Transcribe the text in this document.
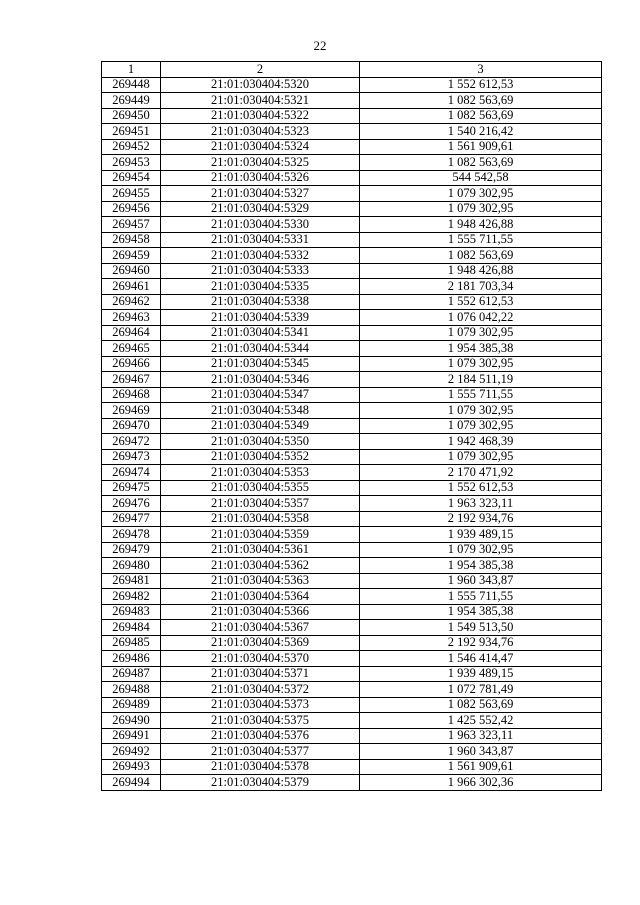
22
1	2	3
269448	21:01:030404:5320	1 552 612,53
269449	21:01:030404:5321	1 082 563,69
269450	21:01:030404:5322	1 082 563,69
269451	21:01:030404:5323	1 540 216,42
269452	21:01:030404:5324	1 561 909,61
269453	21:01:030404:5325	1 082 563,69
269454	21:01:030404:5326	544 542,58
269455	21:01:030404:5327	1 079 302,95
269456	21:01:030404:5329	1 079 302,95
269457	21:01:030404:5330	1 948 426,88
269458	21:01:030404:5331	1 555 711,55
269459	21:01:030404:5332	1 082 563,69
269460	21:01:030404:5333	1 948 426,88
269461	21:01:030404:5335	2 181 703,34
269462	21:01:030404:5338	1 552 612,53
269463	21:01:030404:5339	1 076 042,22
269464	21:01:030404:5341	1 079 302,95
269465	21:01:030404:5344	1 954 385,38
269466	21:01:030404:5345	1 079 302,95
269467	21:01:030404:5346	2 184 511,19
269468	21:01:030404:5347	1 555 711,55
269469	21:01:030404:5348	1 079 302,95
269470	21:01:030404:5349	1 079 302,95
269472	21:01:030404:5350	1 942 468,39
269473	21:01:030404:5352	1 079 302,95
269474	21:01:030404:5353	2 170 471,92
269475	21:01:030404:5355	1 552 612,53
269476	21:01:030404:5357	1 963 323,11
269477	21:01:030404:5358	2 192 934,76
269478	21:01:030404:5359	1 939 489,15
269479	21:01:030404:5361	1 079 302,95
269480	21:01:030404:5362	1 954 385,38
269481	21:01:030404:5363	1 960 343,87
269482	21:01:030404:5364	1 555 711,55
269483	21:01:030404:5366	1 954 385,38
269484	21:01:030404:5367	1 549 513,50
269485	21:01:030404:5369	2 192 934,76
269486	21:01:030404:5370	1 546 414,47
269487	21:01:030404:5371	1 939 489,15
269488	21:01:030404:5372	1 072 781,49
269489	21:01:030404:5373	1 082 563,69
269490	21:01:030404:5375	1 425 552,42
269491	21:01:030404:5376	1 963 323,11
269492	21:01:030404:5377	1 960 343,87
269493	21:01:030404:5378	1 561 909,61
269494	21:01:030404:5379	1 966 302,36
